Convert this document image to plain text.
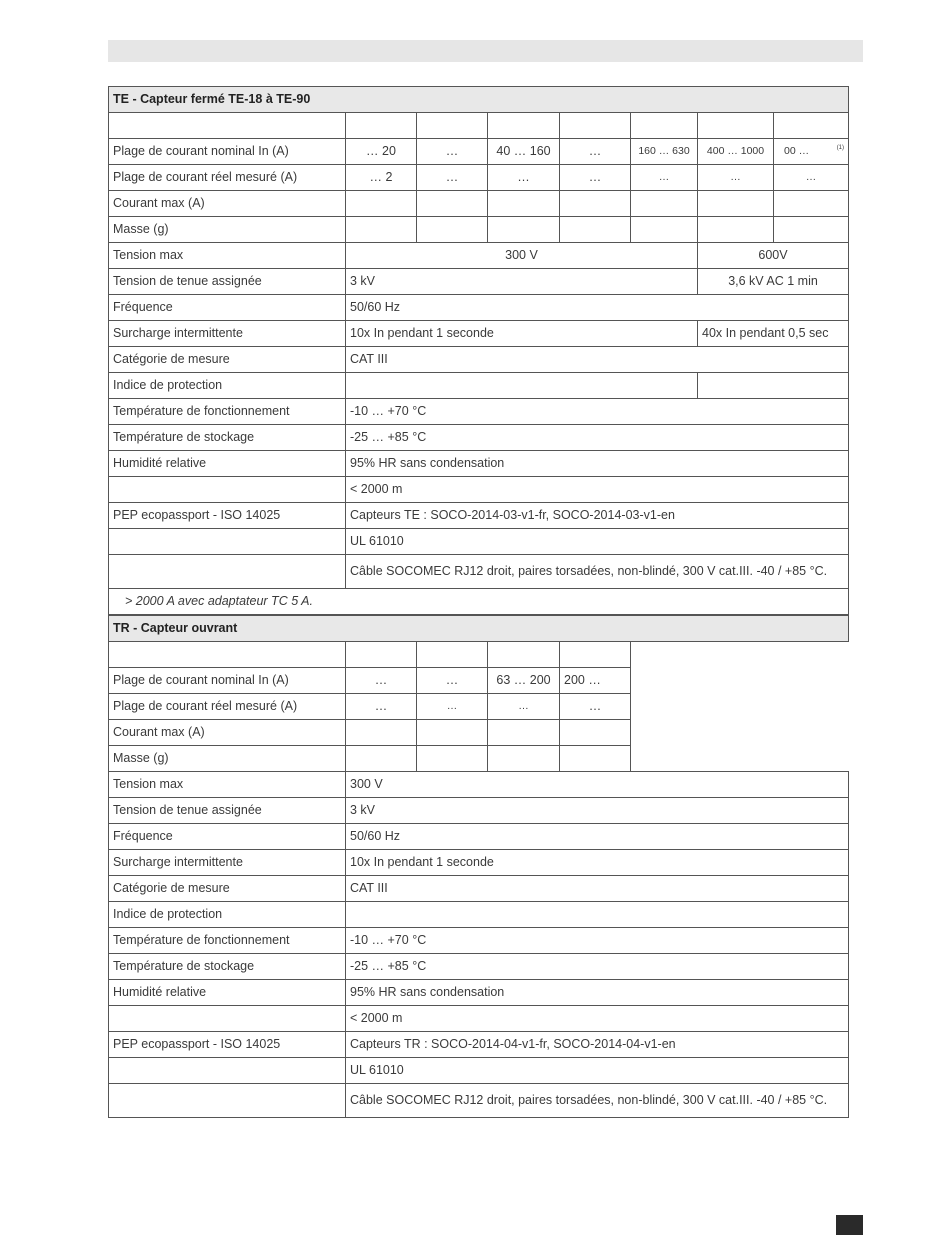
TE - Capteur fermé TE-18 à TE-90							

Plage de courant nominal In (A)	… 20	…	40 … 160	…	160 … 630	400 … 1000	00 … (1)

Plage de courant réel mesuré (A)	… 2	…	…	…	…	…	…
Courant max (A)							
Masse (g)							
Tension max	300 V					600V	
Tension de tenue assignée	3 kV					3,6 kV AC 1 min	
Fréquence	50/60 Hz						
Surcharge intermittente	10x In pendant 1 seconde					40x In pendant 0,5 sec	
Catégorie de mesure	CAT III						
Indice de protection							
Température de fonctionnement	-10 … +70 °C						
Température de stockage	-25 … +85 °C						
Humidité relative	95% HR sans condensation						
	< 2000 m						
PEP ecopassport - ISO 14025	Capteurs TE : SOCO-2014-03-v1-fr, SOCO-2014-03-v1-en						
	UL 61010						
	Câble SOCOMEC RJ12 droit, paires torsadées, non-blindé, 300 V cat.III. -40 / +85 °C.						
> 2000 A avec adaptateur TC 5 A.							
TR - Capteur ouvrant					

Plage de courant nominal In (A)	…	…	63 … 200	200 …	
Plage de courant réel mesuré (A)	…	…	…	…	
Courant max (A)					
Masse (g)					
Tension max	300 V				
Tension de tenue assignée	3 kV				
Fréquence	50/60 Hz				
Surcharge intermittente	10x In pendant 1 seconde				
Catégorie de mesure	CAT III				
Indice de protection					
Température de fonctionnement	-10 … +70 °C				
Température de stockage	-25 … +85 °C				
Humidité relative	95% HR sans condensation				
	< 2000 m				
PEP ecopassport - ISO 14025	Capteurs TR : SOCO-2014-04-v1-fr, SOCO-2014-04-v1-en				
	UL 61010				
	Câble SOCOMEC RJ12 droit, paires torsadées, non-blindé, 300 V cat.III. -40 / +85 °C.				
